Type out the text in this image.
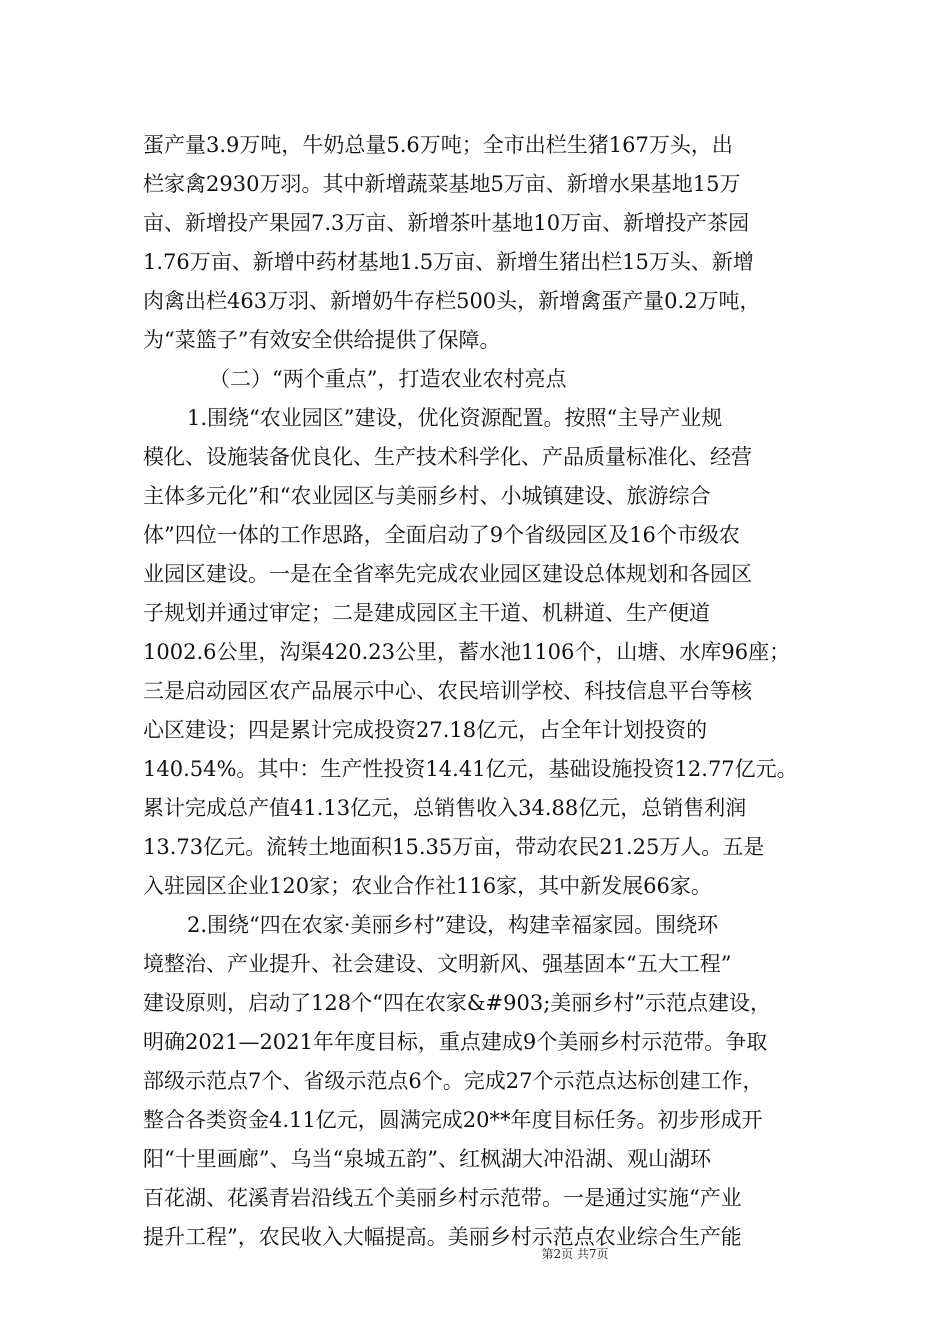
蛋产量3.9万吨，牛奶总量5.6万吨；全市出栏生猪167万头，出
栏家禽2930万羽。其中新增蔬菜基地5万亩、新增水果基地15万
亩、新增投产果园7.3万亩、新增茶叶基地10万亩、新增投产茶园
1.76万亩、新增中药材基地1.5万亩、新增生猪出栏15万头、新增
肉禽出栏463万羽、新增奶牛存栏500头，新增禽蛋产量0.2万吨，
为“菜篮子”有效安全供给提供了保障。
（二）“两个重点”，打造农业农村亮点
1.围绕“农业园区”建设，优化资源配置。按照“主导产业规
模化、设施装备优良化、生产技术科学化、产品质量标准化、经营
主体多元化”和“农业园区与美丽乡村、小城镇建设、旅游综合
体”四位一体的工作思路，全面启动了9个省级园区及16个市级农
业园区建设。一是在全省率先完成农业园区建设总体规划和各园区
子规划并通过审定；二是建成园区主干道、机耕道、生产便道
1002.6公里，沟渠420.23公里，蓄水池1106个，山塘、水库96座；
三是启动园区农产品展示中心、农民培训学校、科技信息平台等核
心区建设；四是累计完成投资27.18亿元，占全年计划投资的
140.54%。其中：生产性投资14.41亿元，基础设施投资12.77亿元。
累计完成总产值41.13亿元，总销售收入34.88亿元，总销售利润
13.73亿元。流转土地面积15.35万亩，带动农民21.25万人。五是
入驻园区企业120家；农业合作社116家，其中新发展66家。
2.围绕“四在农家·美丽乡村”建设，构建幸福家园。围绕环
境整治、产业提升、社会建设、文明新风、强基固本“五大工程”
建设原则，启动了128个“四在农家&#903;美丽乡村”示范点建设，
明确2021—2021年年度目标，重点建成9个美丽乡村示范带。争取
部级示范点7个、省级示范点6个。完成27个示范点达标创建工作，
整合各类资金4.11亿元，圆满完成20**年度目标任务。初步形成开
阳“十里画廊”、乌当“泉城五韵”、红枫湖大冲沿湖、观山湖环
百花湖、花溪青岩沿线五个美丽乡村示范带。一是通过实施“产业
提升工程”，农民收入大幅提高。美丽乡村示范点农业综合生产能
第2页 共7页
